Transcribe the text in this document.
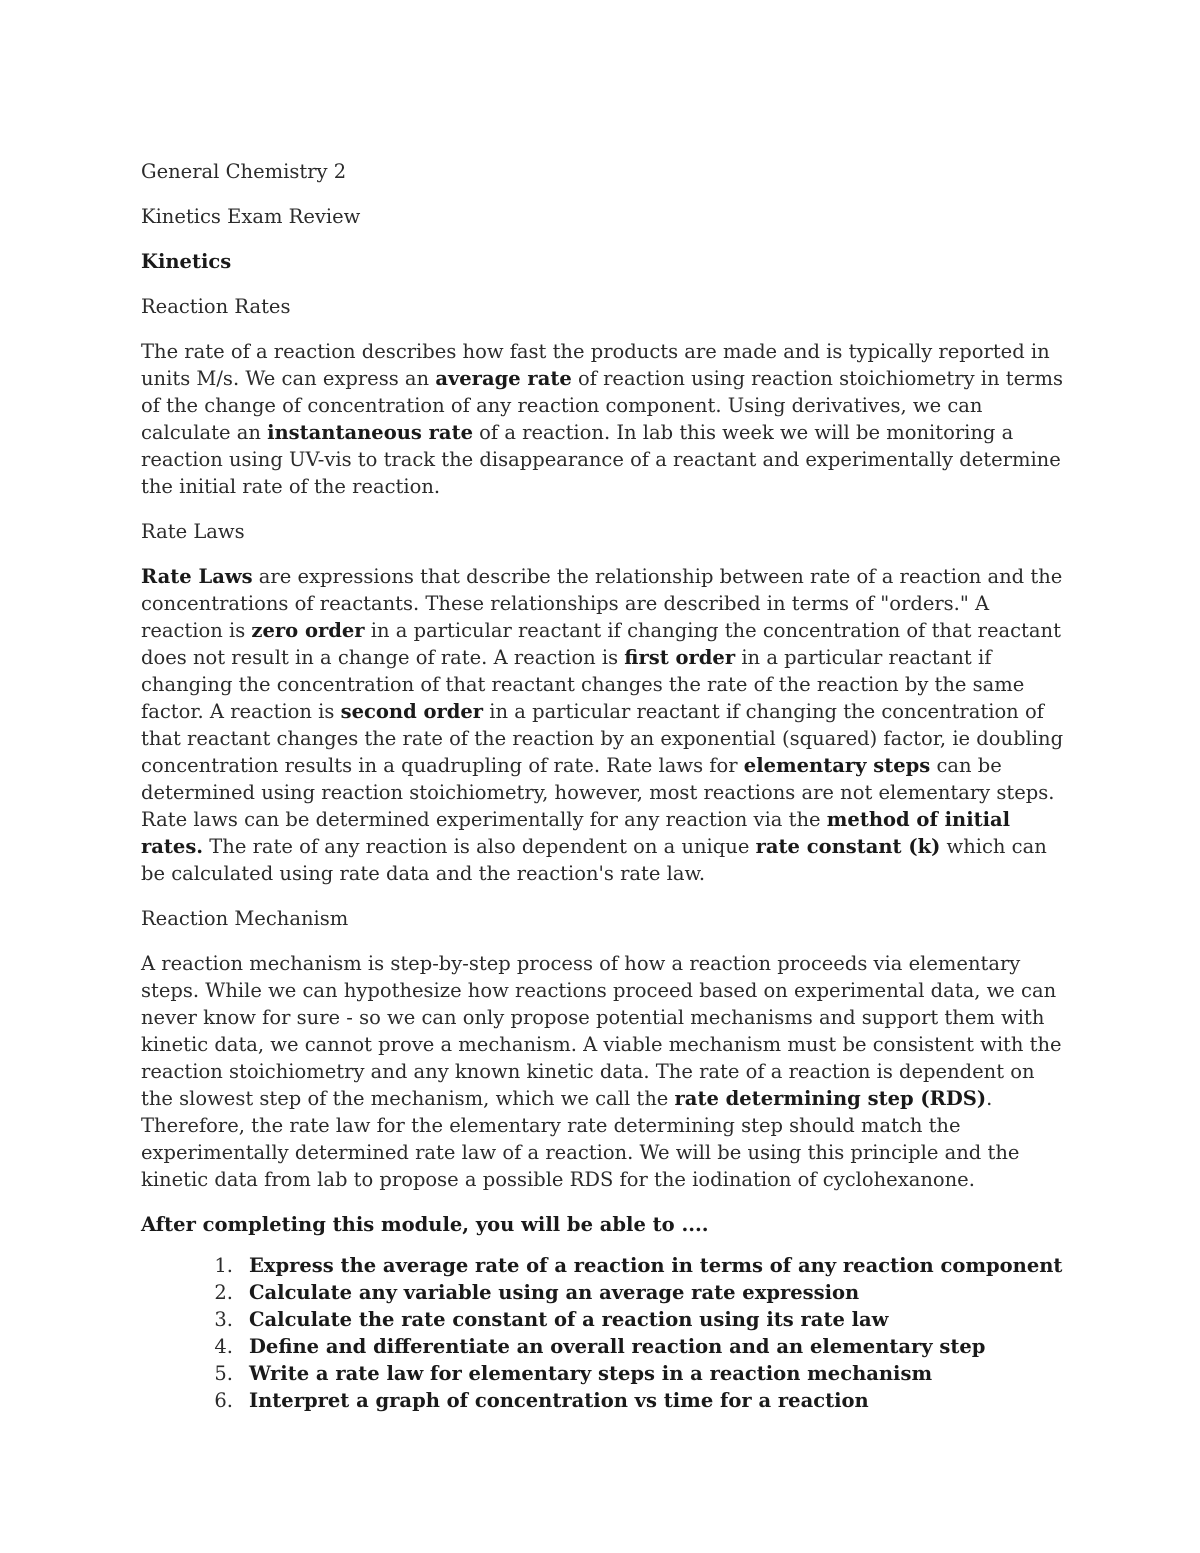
General Chemistry 2
Kinetics Exam Review
Kinetics
Reaction Rates
The rate of a reaction describes how fast the products are made and is typically reported in units M/s. We can express an average rate of reaction using reaction stoichiometry in terms of the change of concentration of any reaction component. Using derivatives, we can calculate an instantaneous rate of a reaction. In lab this week we will be monitoring a reaction using UV-vis to track the disappearance of a reactant and experimentally determine the initial rate of the reaction.
Rate Laws
Rate Laws are expressions that describe the relationship between rate of a reaction and the concentrations of reactants. These relationships are described in terms of "orders." A reaction is zero order in a particular reactant if changing the concentration of that reactant does not result in a change of rate. A reaction is first order in a particular reactant if changing the concentration of that reactant changes the rate of the reaction by the same factor. A reaction is second order in a particular reactant if changing the concentration of that reactant changes the rate of the reaction by an exponential (squared) factor, ie doubling concentration results in a quadrupling of rate. Rate laws for elementary steps can be determined using reaction stoichiometry, however, most reactions are not elementary steps. Rate laws can be determined experimentally for any reaction via the method of initial rates. The rate of any reaction is also dependent on a unique rate constant (k) which can be calculated using rate data and the reaction's rate law.
Reaction Mechanism
A reaction mechanism is step-by-step process of how a reaction proceeds via elementary steps. While we can hypothesize how reactions proceed based on experimental data, we can never know for sure - so we can only propose potential mechanisms and support them with kinetic data, we cannot prove a mechanism. A viable mechanism must be consistent with the reaction stoichiometry and any known kinetic data. The rate of a reaction is dependent on the slowest step of the mechanism, which we call the rate determining step (RDS). Therefore, the rate law for the elementary rate determining step should match the experimentally determined rate law of a reaction. We will be using this principle and the kinetic data from lab to propose a possible RDS for the iodination of cyclohexanone.
After completing this module, you will be able to ....
1. Express the average rate of a reaction in terms of any reaction component
2. Calculate any variable using an average rate expression
3. Calculate the rate constant of a reaction using its rate law
4. Define and differentiate an overall reaction and an elementary step
5. Write a rate law for elementary steps in a reaction mechanism
6. Interpret a graph of concentration vs time for a reaction
